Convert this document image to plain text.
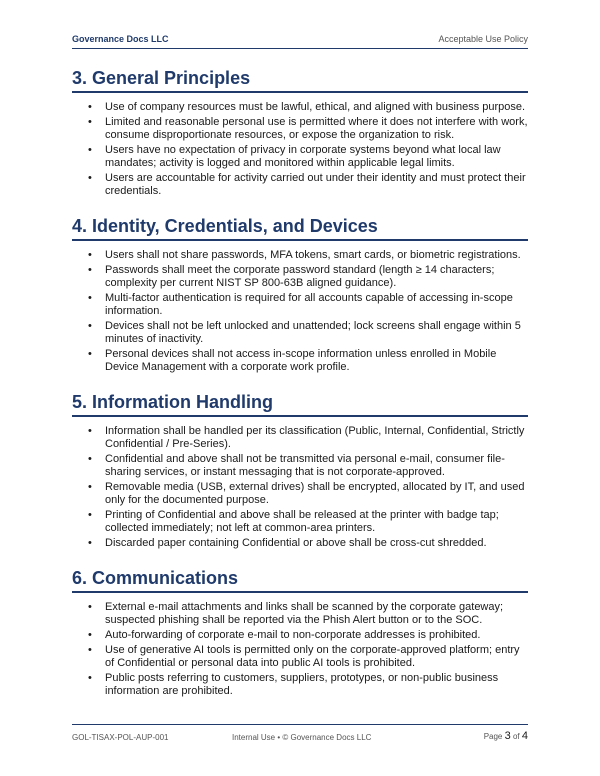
Governance Docs LLC	Acceptable Use Policy
3. General Principles
• Use of company resources must be lawful, ethical, and aligned with business purpose.
• Limited and reasonable personal use is permitted where it does not interfere with work, consume disproportionate resources, or expose the organization to risk.
• Users have no expectation of privacy in corporate systems beyond what local law mandates; activity is logged and monitored within applicable legal limits.
• Users are accountable for activity carried out under their identity and must protect their credentials.
4. Identity, Credentials, and Devices
• Users shall not share passwords, MFA tokens, smart cards, or biometric registrations.
• Passwords shall meet the corporate password standard (length ≥ 14 characters; complexity per current NIST SP 800-63B aligned guidance).
• Multi-factor authentication is required for all accounts capable of accessing in-scope information.
• Devices shall not be left unlocked and unattended; lock screens shall engage within 5 minutes of inactivity.
• Personal devices shall not access in-scope information unless enrolled in Mobile Device Management with a corporate work profile.
5. Information Handling
• Information shall be handled per its classification (Public, Internal, Confidential, Strictly Confidential / Pre-Series).
• Confidential and above shall not be transmitted via personal e-mail, consumer file-sharing services, or instant messaging that is not corporate-approved.
• Removable media (USB, external drives) shall be encrypted, allocated by IT, and used only for the documented purpose.
• Printing of Confidential and above shall be released at the printer with badge tap; collected immediately; not left at common-area printers.
• Discarded paper containing Confidential or above shall be cross-cut shredded.
6. Communications
• External e-mail attachments and links shall be scanned by the corporate gateway; suspected phishing shall be reported via the Phish Alert button or to the SOC.
• Auto-forwarding of corporate e-mail to non-corporate addresses is prohibited.
• Use of generative AI tools is permitted only on the corporate-approved platform; entry of Confidential or personal data into public AI tools is prohibited.
• Public posts referring to customers, suppliers, prototypes, or non-public business information are prohibited.
GOL-TISAX-POL-AUP-001	Internal Use • © Governance Docs LLC	Page 3 of 4
